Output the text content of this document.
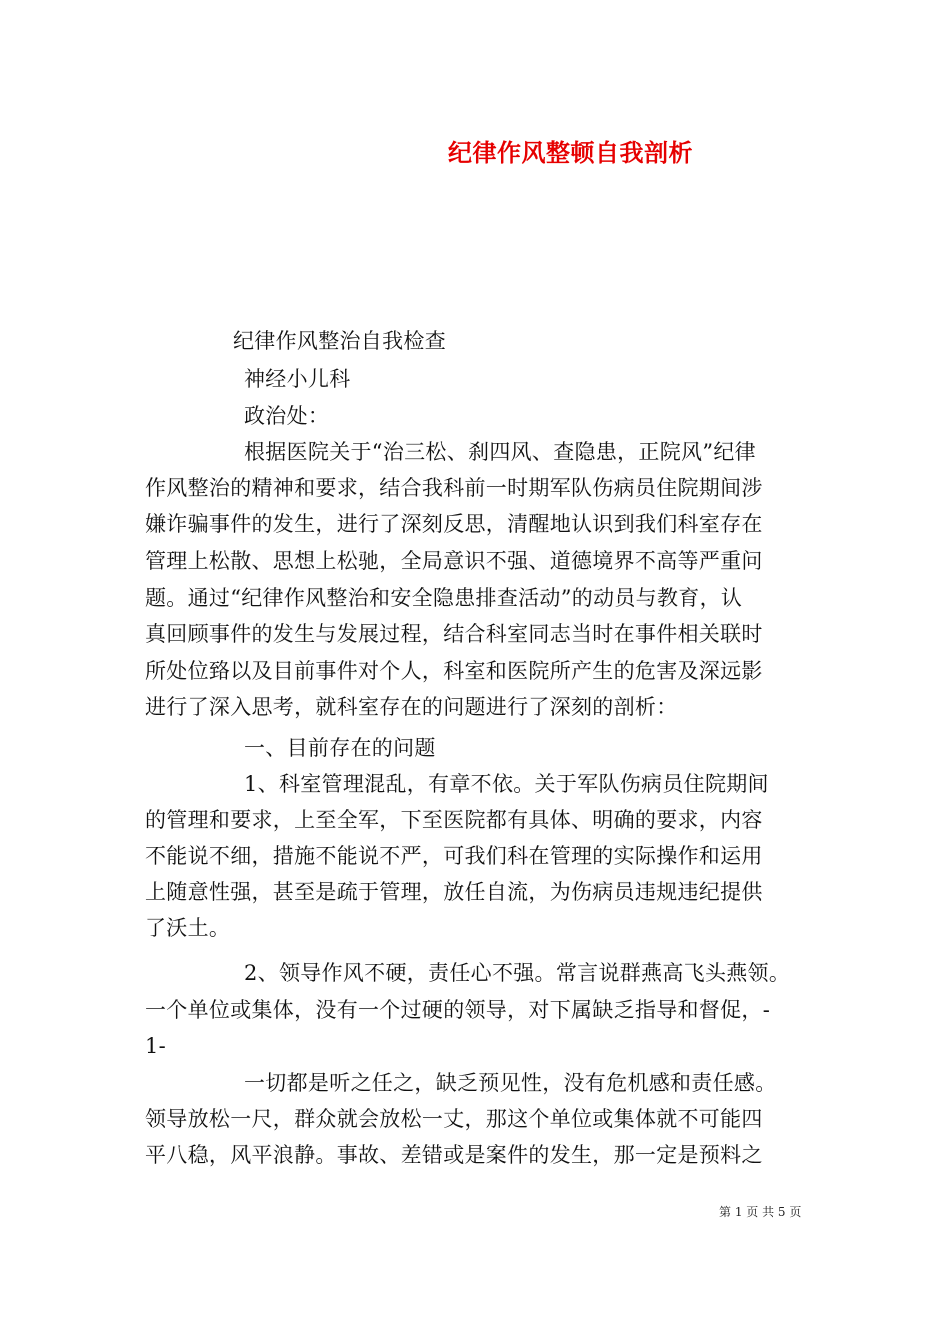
纪律作风整顿自我剖析
纪律作风整治自我检查
神经小儿科
政治处：
根据医院关于“治三松、刹四风、查隐患，正院风”纪律
作风整治的精神和要求，结合我科前一时期军队伤病员住院期间涉
嫌诈骗事件的发生，进行了深刻反思，清醒地认识到我们科室存在
管理上松散、思想上松驰，全局意识不强、道德境界不高等严重问
题。通过“纪律作风整治和安全隐患排查活动”的动员与教育，认
真回顾事件的发生与发展过程，结合科室同志当时在事件相关联时
所处位臵以及目前事件对个人，科室和医院所产生的危害及深远影
进行了深入思考，就科室存在的问题进行了深刻的剖析：
一、目前存在的问题
1、科室管理混乱，有章不依。关于军队伤病员住院期间
的管理和要求，上至全军，下至医院都有具体、明确的要求，内容
不能说不细，措施不能说不严，可我们科在管理的实际操作和运用
上随意性强，甚至是疏于管理，放任自流，为伤病员违规违纪提供
了沃土。
2、领导作风不硬，责任心不强。常言说群燕高飞头燕领。
一个单位或集体，没有一个过硬的领导，对下属缺乏指导和督促，-
1-
一切都是听之任之，缺乏预见性，没有危机感和责任感。
领导放松一尺，群众就会放松一丈，那这个单位或集体就不可能四
平八稳，风平浪静。事故、差错或是案件的发生，那一定是预料之
第 1 页 共 5 页
